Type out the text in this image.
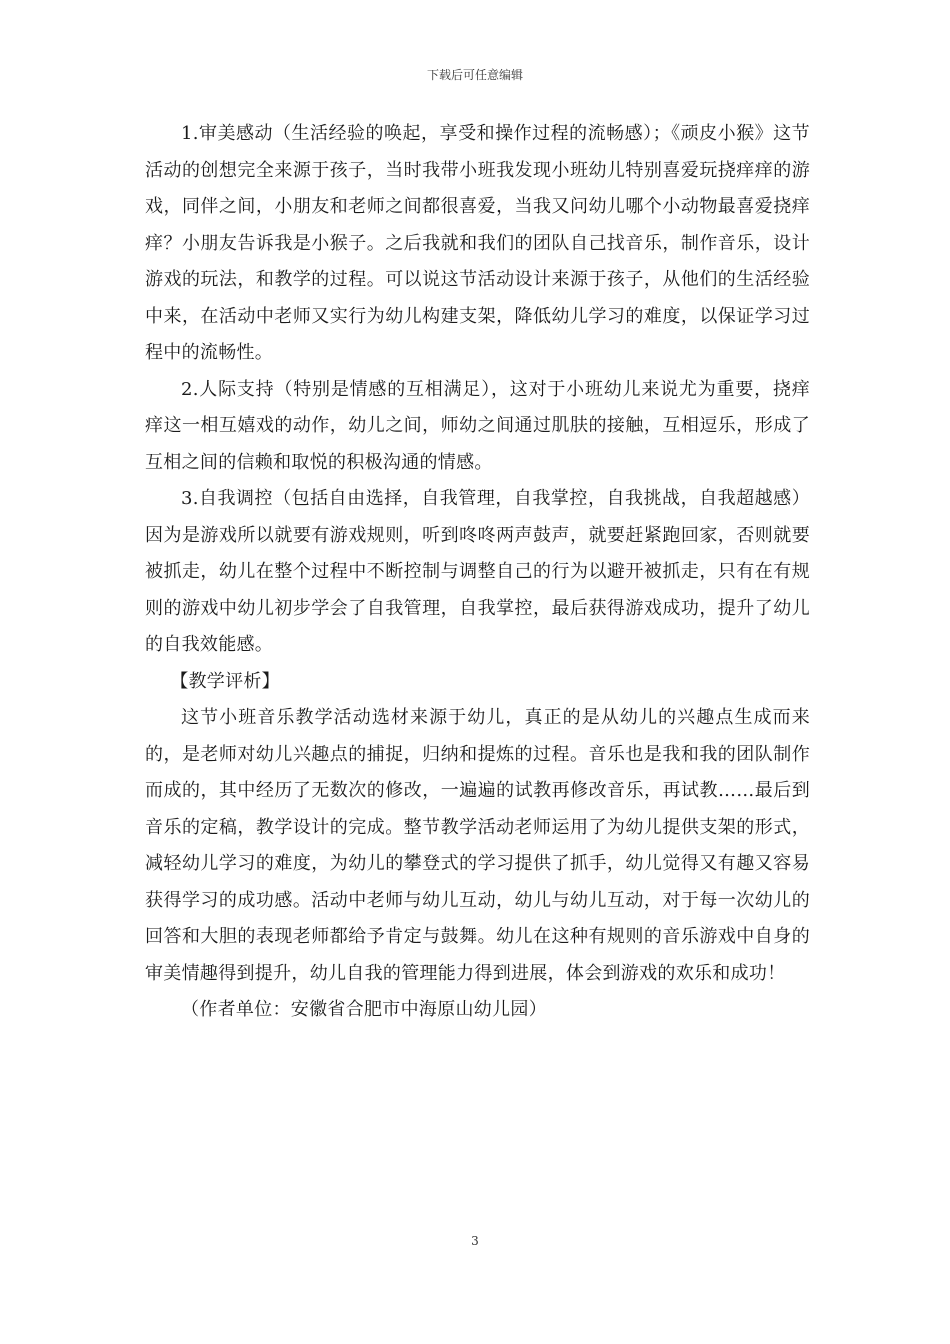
下载后可任意编辑

1.审美感动（生活经验的唤起，享受和操作过程的流畅感）；《顽皮小猴》这节活动的创想完全来源于孩子，当时我带小班我发现小班幼儿特别喜爱玩挠痒痒的游戏，同伴之间，小朋友和老师之间都很喜爱，当我又问幼儿哪个小动物最喜爱挠痒痒？小朋友告诉我是小猴子。之后我就和我们的团队自己找音乐，制作音乐，设计游戏的玩法，和教学的过程。可以说这节活动设计来源于孩子，从他们的生活经验中来，在活动中老师又实行为幼儿构建支架，降低幼儿学习的难度，以保证学习过程中的流畅性。

2.人际支持（特别是情感的互相满足），这对于小班幼儿来说尤为重要，挠痒痒这一相互嬉戏的动作，幼儿之间，师幼之间通过肌肤的接触，互相逗乐，形成了互相之间的信赖和取悦的积极沟通的情感。

3.自我调控（包括自由选择，自我管理，自我掌控，自我挑战，自我超越感）因为是游戏所以就要有游戏规则，听到咚咚两声鼓声，就要赶紧跑回家，否则就要被抓走，幼儿在整个过程中不断控制与调整自己的行为以避开被抓走，只有在有规则的游戏中幼儿初步学会了自我管理，自我掌控，最后获得游戏成功，提升了幼儿的自我效能感。

【教学评析】

这节小班音乐教学活动选材来源于幼儿，真正的是从幼儿的兴趣点生成而来的，是老师对幼儿兴趣点的捕捉，归纳和提炼的过程。音乐也是我和我的团队制作而成的，其中经历了无数次的修改，一遍遍的试教再修改音乐，再试教……最后到音乐的定稿，教学设计的完成。整节教学活动老师运用了为幼儿提供支架的形式，减轻幼儿学习的难度，为幼儿的攀登式的学习提供了抓手，幼儿觉得又有趣又容易获得学习的成功感。活动中老师与幼儿互动，幼儿与幼儿互动，对于每一次幼儿的回答和大胆的表现老师都给予肯定与鼓舞。幼儿在这种有规则的音乐游戏中自身的审美情趣得到提升，幼儿自我的管理能力得到进展，体会到游戏的欢乐和成功！

（作者单位：安徽省合肥市中海原山幼儿园）

3
